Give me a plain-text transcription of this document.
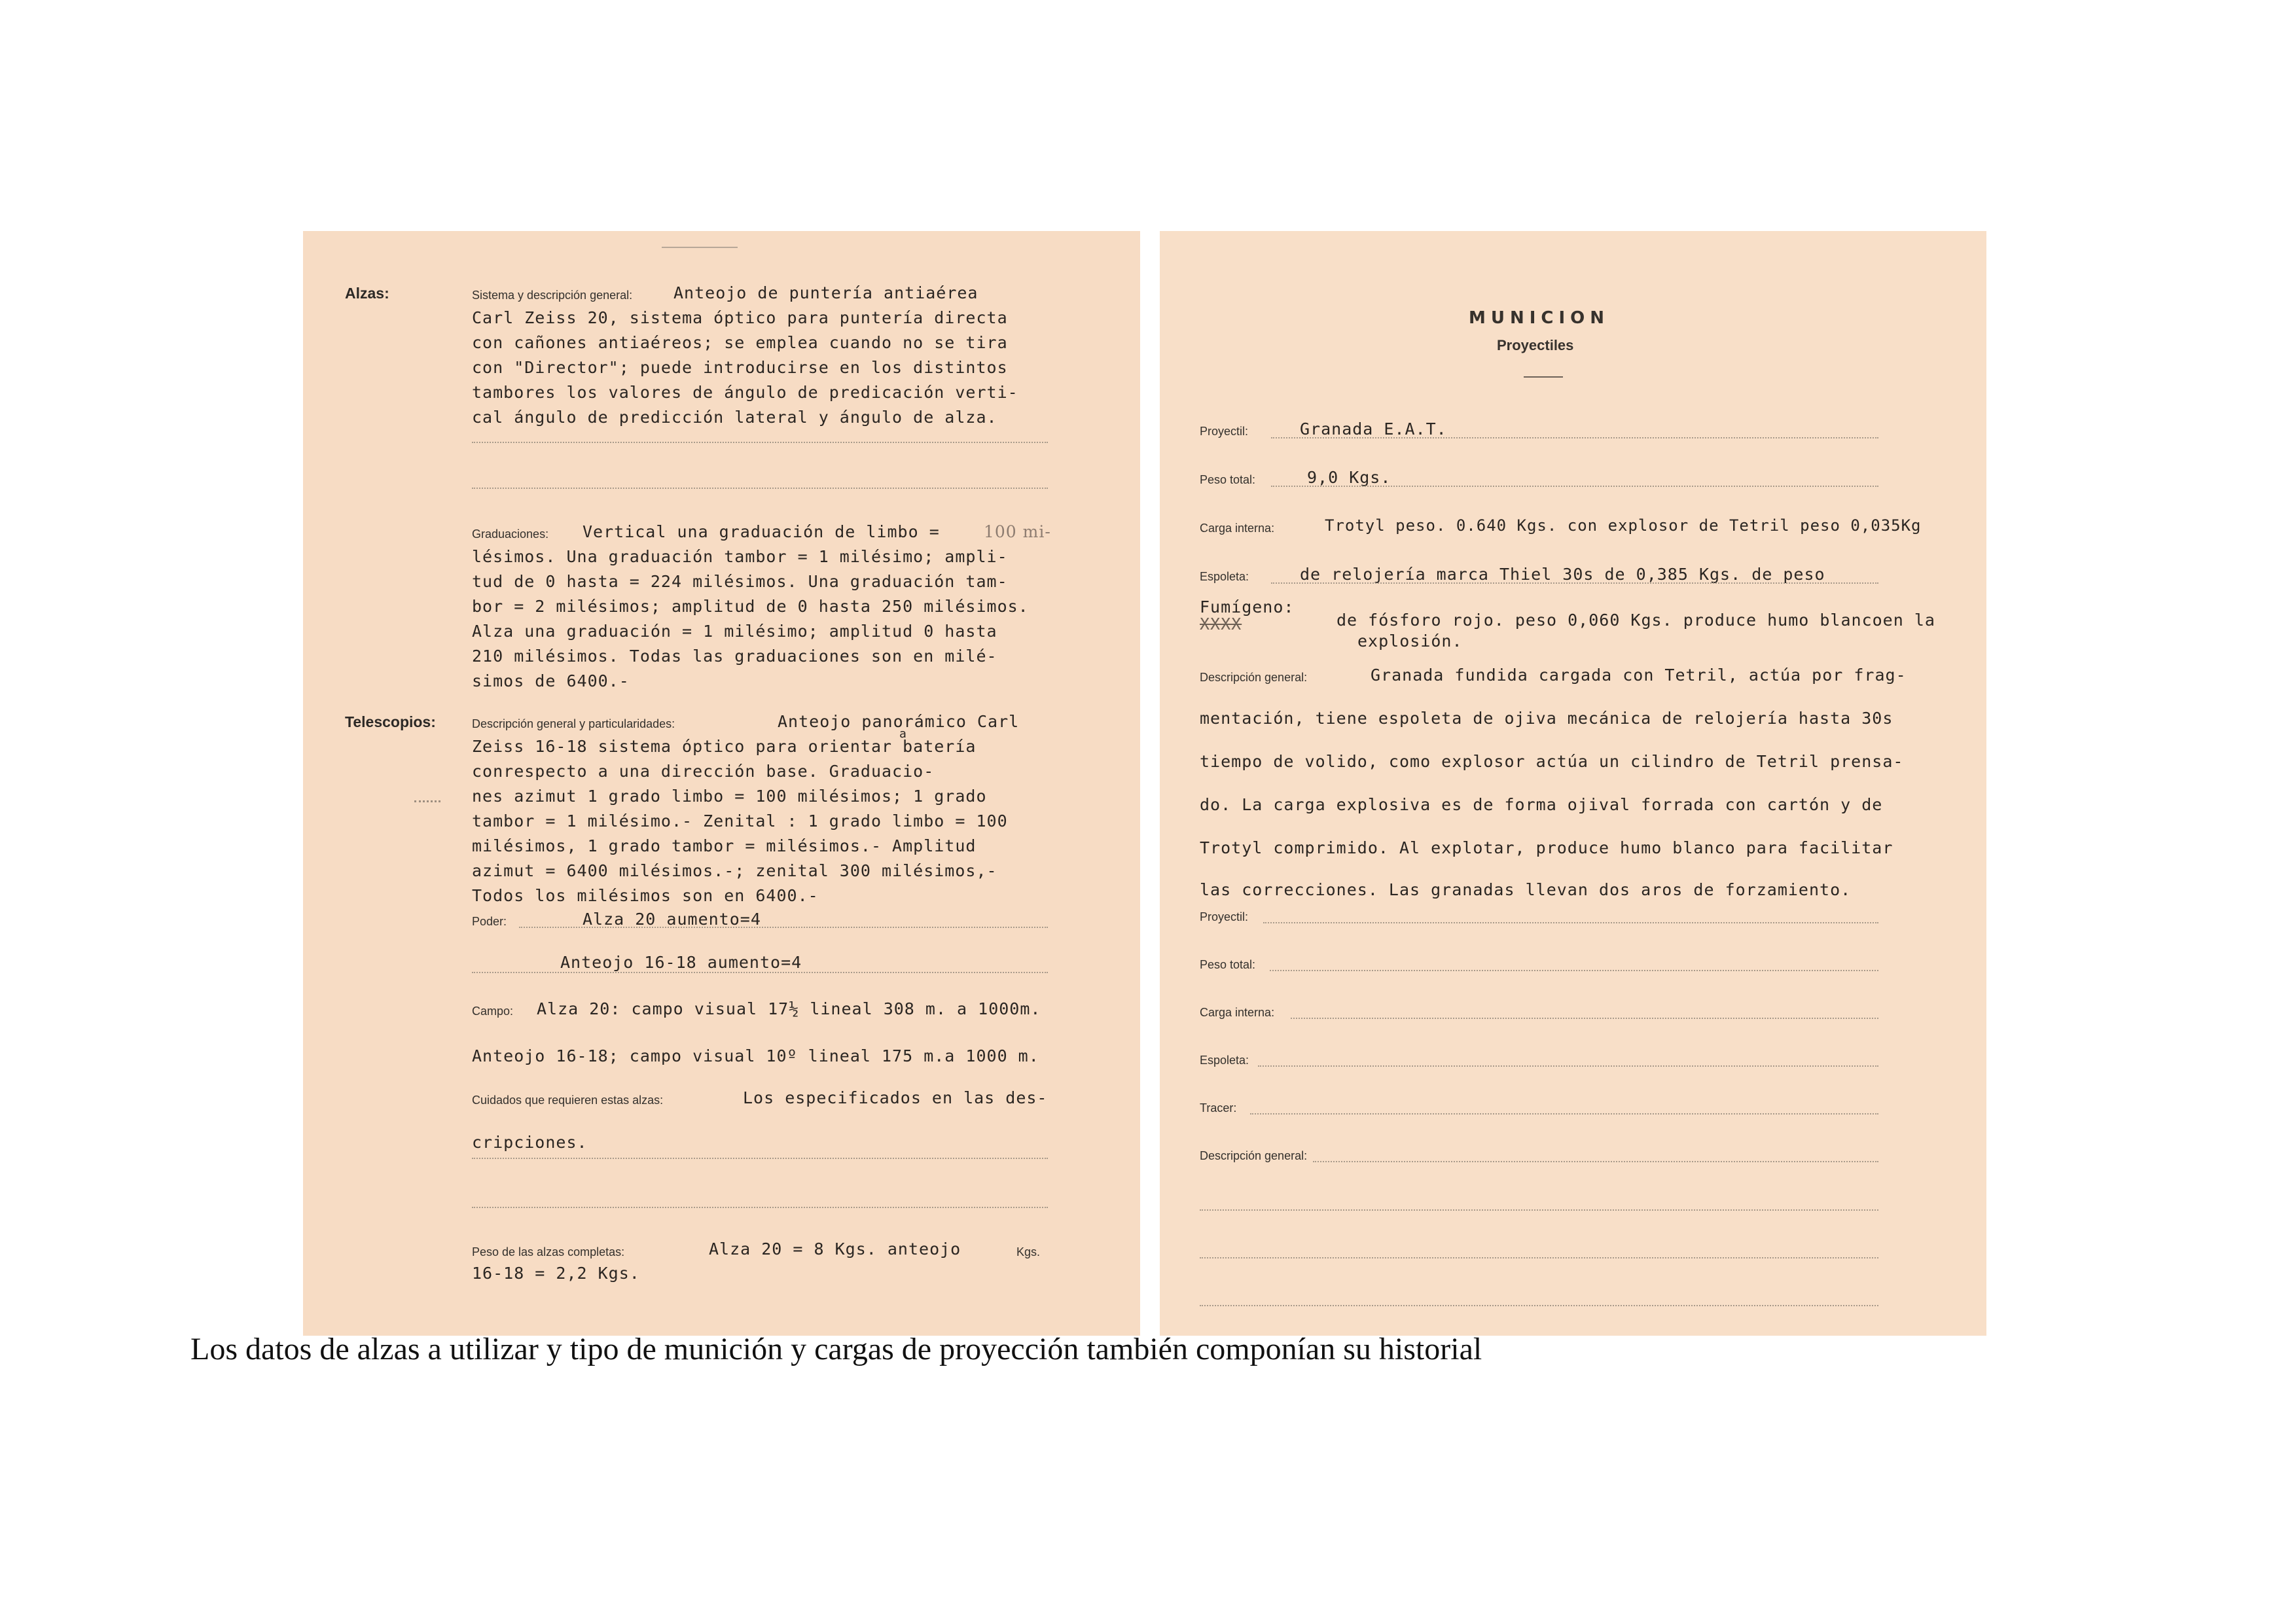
Alzas:	Sistema y descripción general:	Anteojo de puntería antiaérea
Carl Zeiss 20, sistema óptico para puntería directa
con cañones antiaéreos; se emplea cuando no se tira
con "Director"; puede introducirse en los distintos
tambores los valores de ángulo de predicación verti-
cal ángulo de predicción lateral y ángulo de alza.
Graduaciones: Vertical una graduación de limbo =	100 mi-
lésimos. Una graduación tambor = 1 milésimo; ampli-
tud de 0 hasta = 224 milésimos. Una graduación tam-
bor = 2 milésimos; amplitud de 0 hasta 250 milésimos.
Alza una graduación = 1 milésimo; amplitud 0 hasta
210 milésimos. Todas las graduaciones son en milé-
simos de 6400.-
Telescopios:	Descripción general y particularidades:	Anteojo panorámico Carl
Zeiss 16-18 sistema óptico para orientar batería
a
conrespecto a una dirección base. Graduacio-
nes azimut 1 grado limbo = 100 milésimos; 1 grado
tambor = 1 milésimo.- Zenital : 1 grado limbo = 100
milésimos, 1 grado tambor = milésimos.- Amplitud
azimut = 6400 milésimos.-; zenital 300 milésimos,-
Todos los milésimos son en 6400.-
Poder:	Alza 20 aumento=4
Anteojo 16-18 aumento=4
Campo: Alza 20: campo visual 17½ lineal 308 m. a 1000m.
Anteojo 16-18; campo visual 10º lineal 175 m.a 1000 m.
Cuidados que requieren estas alzas:	Los especificados en las des-
cripciones.
Peso de las alzas completas:	Alza 20 = 8 Kgs. anteojo	Kgs.
16-18 = 2,2 Kgs.
MUNICION
Proyectiles
Proyectil:	Granada E.A.T.
Peso total:	9,0 Kgs.
Carga interna:	Trotyl peso. 0.640 Kgs. con explosor de Tetril peso 0,035Kg
Espoleta:	de relojería marca Thiel 30s de 0,385 Kgs. de peso
Fumígeno:
XXXX	de fósforo rojo. peso 0,060 Kgs. produce humo blancoen la
explosión.
Descripción general:	Granada fundida cargada con Tetril, actúa por frag-
mentación, tiene espoleta de ojiva mecánica de relojería hasta 30s
tiempo de volido, como explosor actúa un cilindro de Tetril prensa-
do. La carga explosiva es de forma ojival forrada con cartón y de
Trotyl comprimido. Al explotar, produce humo blanco para facilitar
las correcciones. Las granadas llevan dos aros de forzamiento.
Proyectil:
Peso total:
Carga interna:
Espoleta:
Tracer:
Descripción general:
Los datos de alzas a utilizar y tipo de munición y cargas de proyección también componían su historial
